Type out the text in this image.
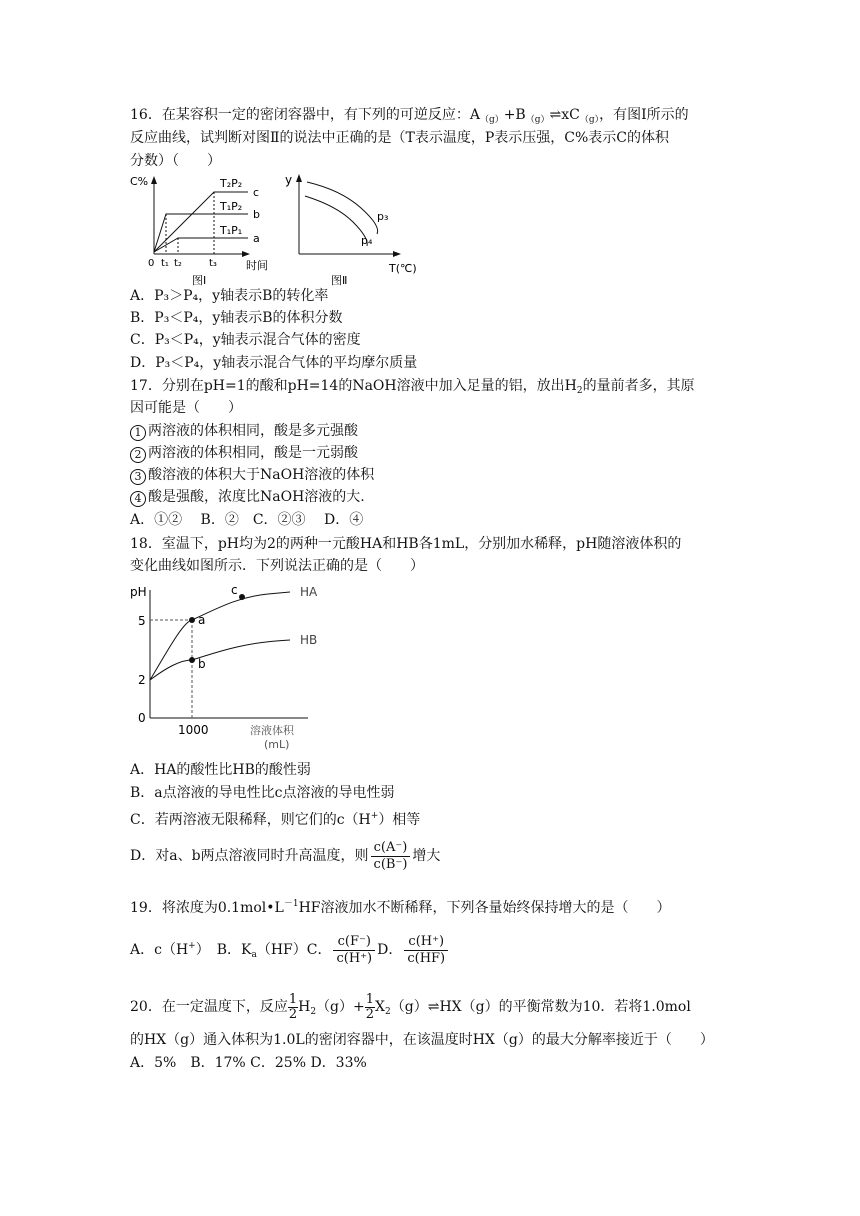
16．在某容积一定的密闭容器中，有下列的可逆反应：$A_{(g)}+B_{(g)}\rightleftharpoons xC_{(g)}$，有图Ⅰ所示的
反应曲线，试判断对图Ⅱ的说法中正确的是（T表示温度，P表示压强，C%表示C的体积
分数）（　　）
C%
时间
图Ⅰ
T₂P₂
T₁P₂
T₁P₁
c
b
a
0 t₁ t₂	t₃
y
T(℃)
图Ⅱ
p₃
p₄
A．P₃＞P₄，y轴表示B的转化率
B．P₃＜P₄，y轴表示B的体积分数
C．P₃＜P₄，y轴表示混合气体的密度
D．P₃＜P₄，y轴表示混合气体的平均摩尔质量
17．分别在pH=1的酸和pH=14的NaOH溶液中加入足量的铝，放出$H_2$的量前者多，其原
因可能是（　　）
1 两溶液的体积相同，酸是多元强酸
2 两溶液的体积相同，酸是一元弱酸
3 酸溶液的体积大于NaOH溶液的体积
4 酸是强酸，浓度比NaOH溶液的大.
A．①②　 B．②　C．②③　 D．④
18．室温下，pH均为2的两种一元酸HA和HB各1mL，分别加水稀释，pH随溶液体积的
变化曲线如图所示．下列说法正确的是（　　）
pH
5
2
0
1000	溶液体积
(mL)
a
b
c	HA
HB
A．HA的酸性比HB的酸性弱
B．a点溶液的导电性比c点溶液的导电性弱
C．若两溶液无限稀释，则它们的c（H+）相等
D．对a、b两点溶液同时升高温度，则 $\frac{c(A^-)}{c(B^-)}$ 增大
19．将浓度为$0.1mol•L^{-1}HF$溶液加水不断稀释，下列各量始终保持增大的是（　　）
A．c（H+）　B．$K_a(HF)C$． $\frac{c(F^-)}{c(H^+)}$ D． $\frac{c(H^+)}{c(HF)}$
20．在一定温度下，反应 $\frac{1}{2} H_2(g)+ \frac{1}{2}$ $X_2(g)\rightleftharpoons HX(g)$的平衡常数为10．若将1.0mol
的HX（g）通入体积为1.0L的密闭容器中，在该温度时HX（g）的最大分解率接近于（　　）
A．5%　B．17% C．25% D．33%
